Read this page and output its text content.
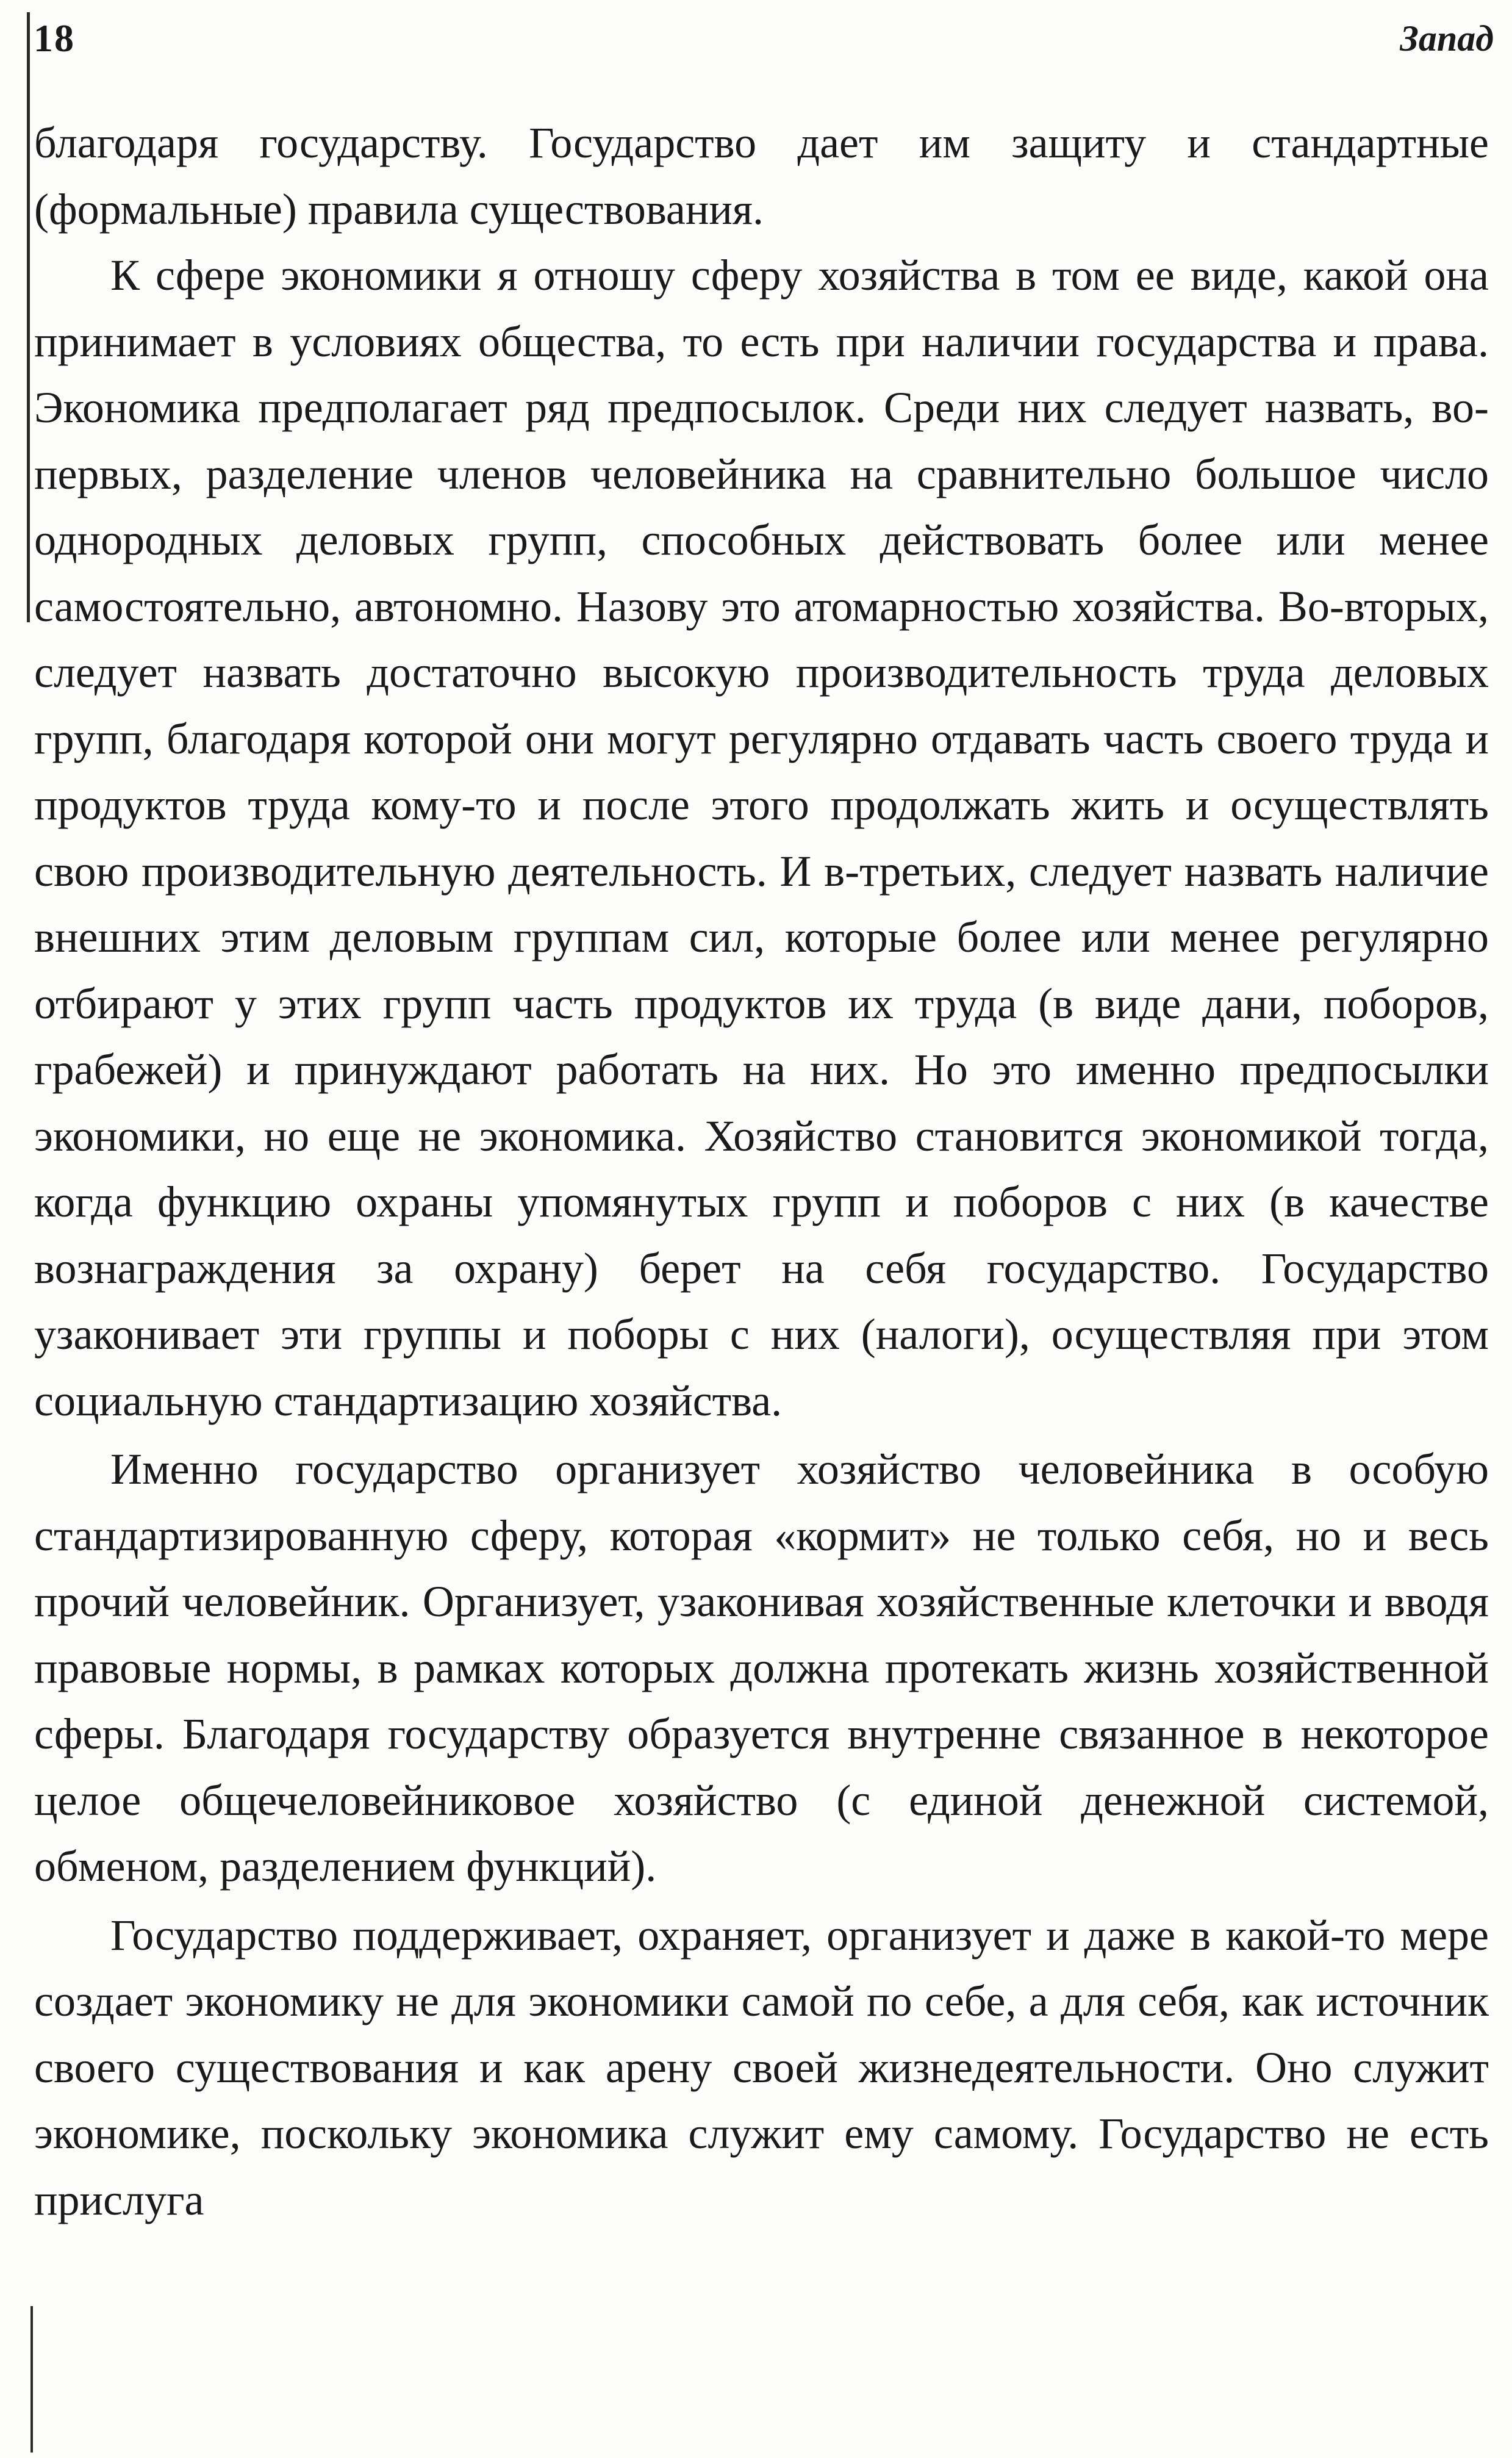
18	Запад

благодаря государству. Государство дает им защиту и стандартные (формальные) правила существования.

К сфере экономики я отношу сферу хозяйства в том ее виде, какой она принимает в условиях общества, то есть при наличии государства и права. Экономика предполагает ряд предпосылок. Среди них следует назвать, во-первых, разделение членов человейника на сравнительно большое число однородных деловых групп, способных действовать более или менее самостоятельно, автономно. Назову это атомарностью хозяйства. Во-вторых, следует назвать достаточно высокую производительность труда деловых групп, благодаря которой они могут регулярно отдавать часть своего труда и продуктов труда кому-то и после этого продолжать жить и осуществлять свою производительную деятельность. И в-третьих, следует назвать наличие внешних этим деловым группам сил, которые более или менее регулярно отбирают у этих групп часть продуктов их труда (в виде дани, поборов, грабежей) и принуждают работать на них. Но это именно предпосылки экономики, но еще не экономика. Хозяйство становится экономикой тогда, когда функцию охраны упомянутых групп и поборов с них (в качестве вознаграждения за охрану) берет на себя государство. Государство узаконивает эти группы и поборы с них (налоги), осуществляя при этом социальную стандартизацию хозяйства.

Именно государство организует хозяйство человейника в особую стандартизированную сферу, которая «кормит» не только себя, но и весь прочий человейник. Организует, узаконивая хозяйственные клеточки и вводя правовые нормы, в рамках которых должна протекать жизнь хозяйственной сферы. Благодаря государству образуется внутренне связанное в некоторое целое общечеловейниковое хозяйство (с единой денежной системой, обменом, разделением функций).

Государство поддерживает, охраняет, организует и даже в какой-то мере создает экономику не для экономики самой по себе, а для себя, как источник своего существования и как арену своей жизнедеятельности. Оно служит экономике, поскольку экономика служит ему самому. Государство не есть прислуга
